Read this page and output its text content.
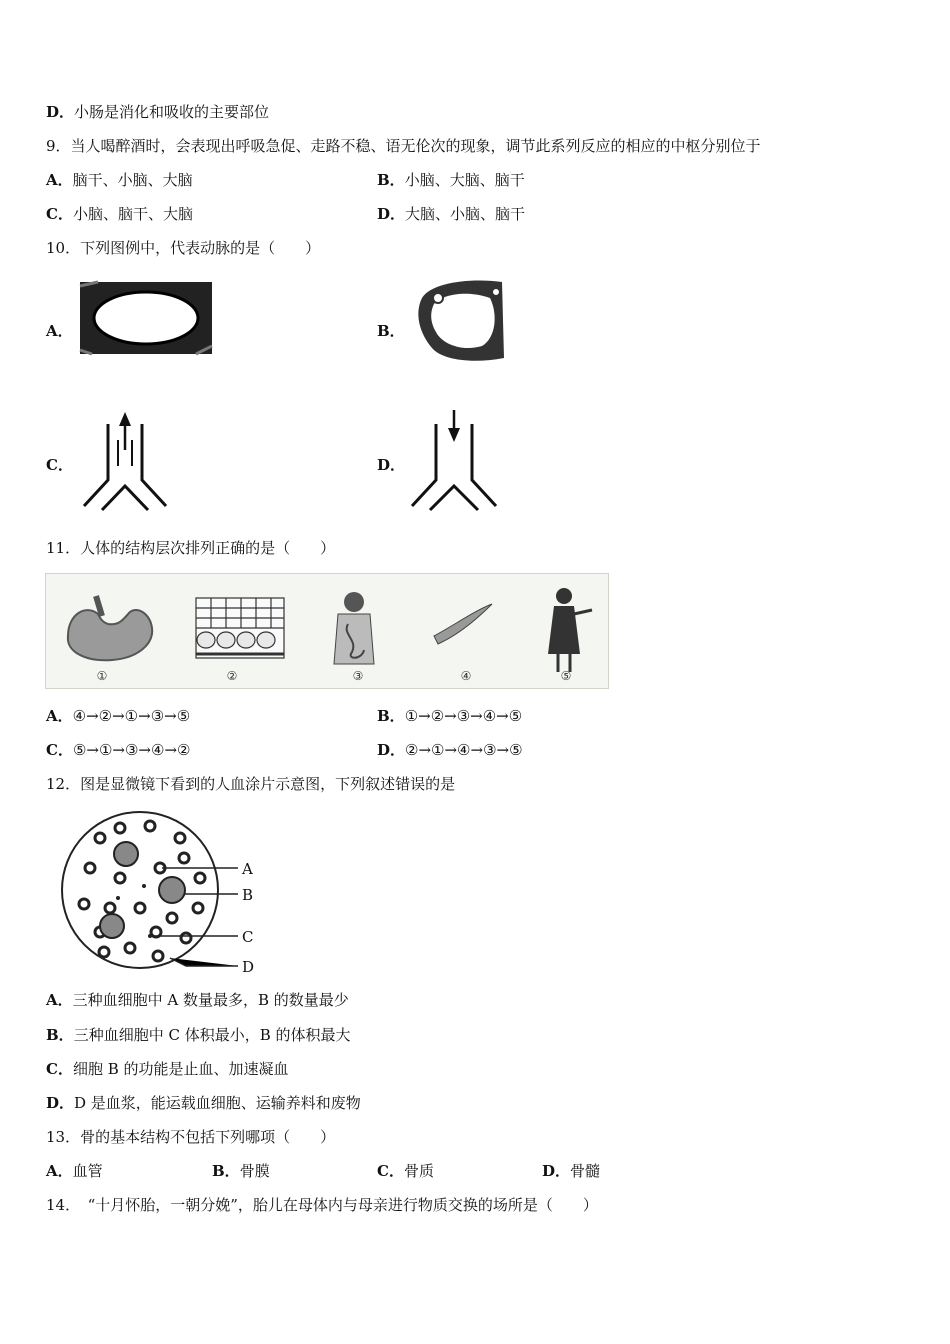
D．小肠是消化和吸收的主要部位
9．当人喝醉酒时，会表现出呼吸急促、走路不稳、语无伦次的现象，调节此系列反应的相应的中枢分别位于
A．脑干、小脑、大脑	B．小脑、大脑、脑干
C．小脑、脑干、大脑	D．大脑、小脑、脑干
10．下列图例中，代表动脉的是（　　）
A．	B．
C．	D．
11．人体的结构层次排列正确的是（　　）
①	②	③	④	⑤
A．④→②→①→③→⑤	B．①→②→③→④→⑤
C．⑤→①→③→④→②	D．②→①→④→③→⑤
12．图是显微镜下看到的人血涂片示意图，下列叙述错误的是
A
B
C
D
A．三种血细胞中 A 数量最多，B 的数量最少
B．三种血细胞中 C 体积最小，B 的体积最大
C．细胞 B 的功能是止血、加速凝血
D．D 是血浆，能运载血细胞、运输养料和废物
13．骨的基本结构不包括下列哪项（　　）
A．血管	B．骨膜	C．骨质	D．骨髓
14．　“十月怀胎，一朝分娩”，胎儿在母体内与母亲进行物质交换的场所是（　　）
